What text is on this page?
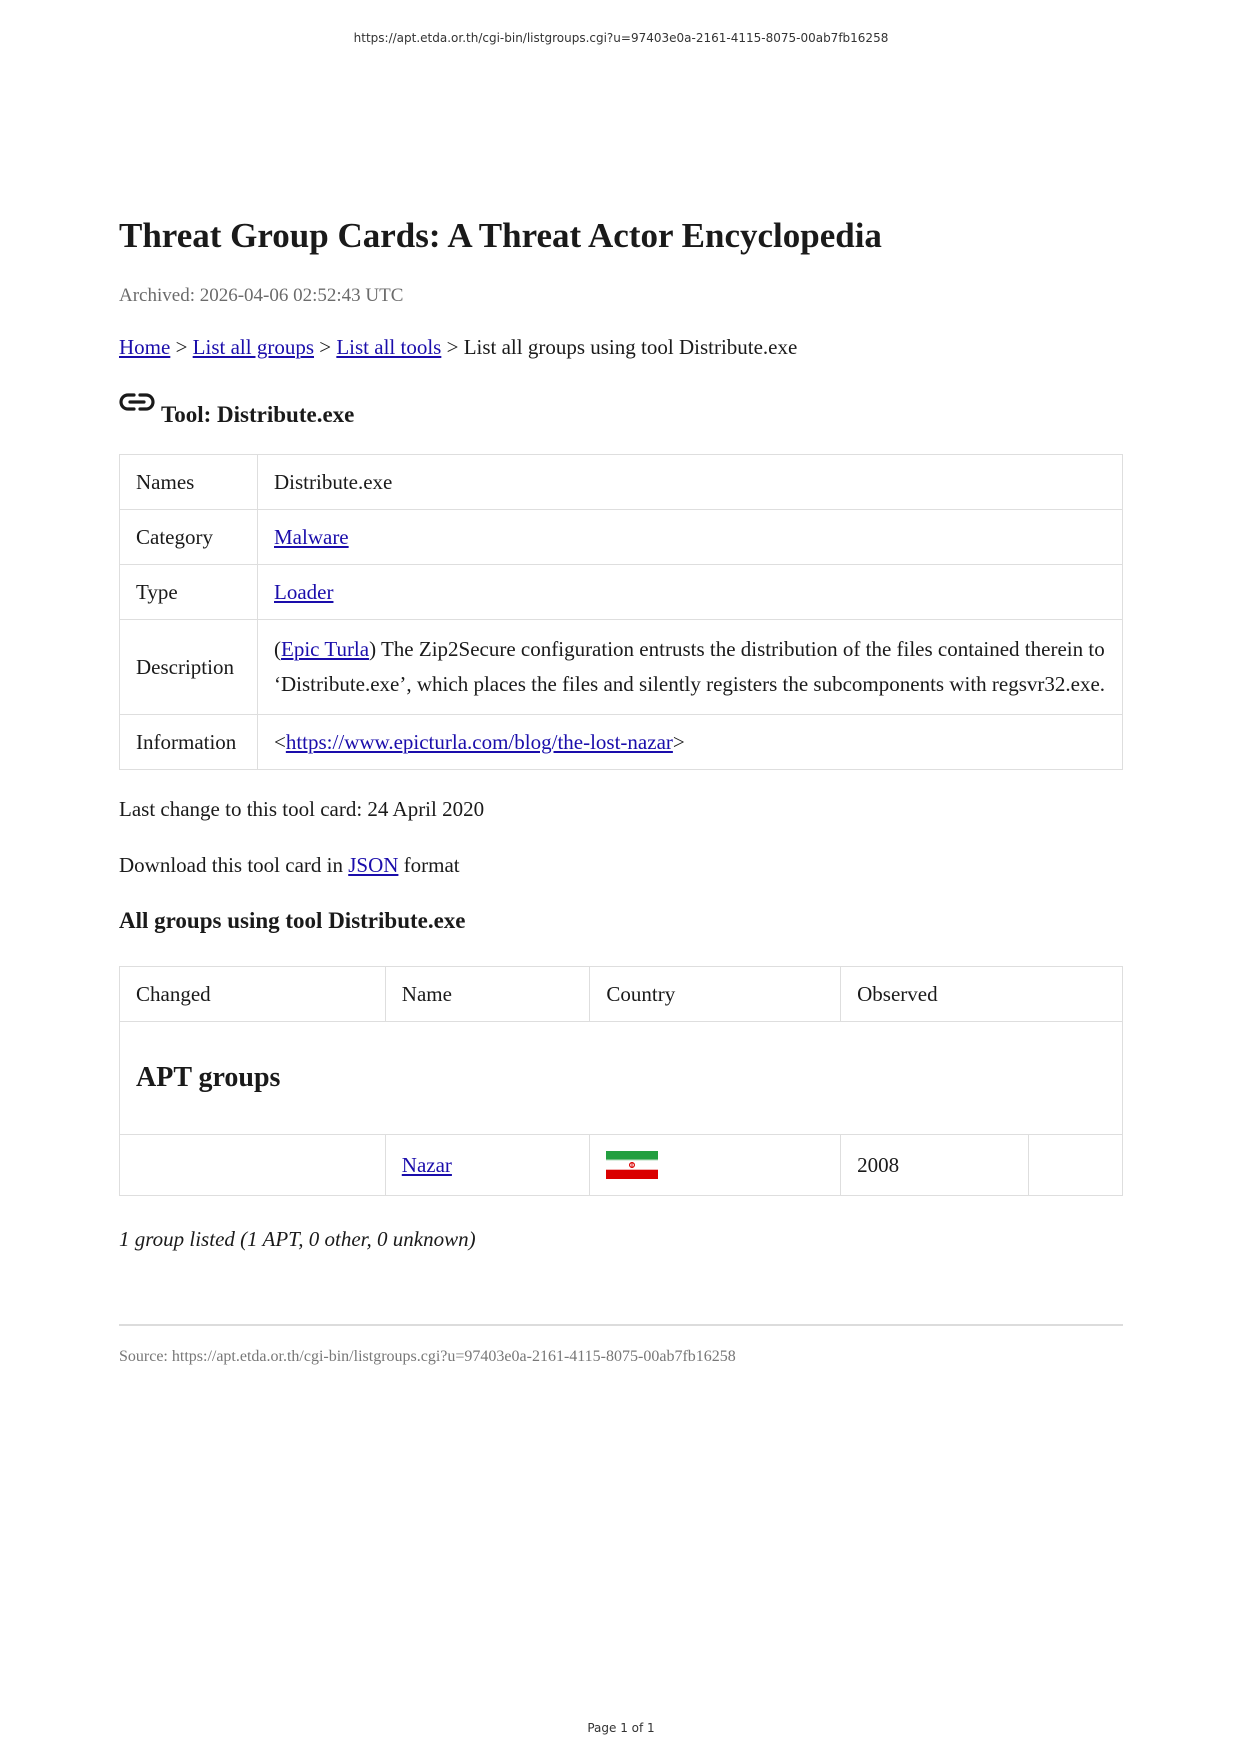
https://apt.etda.or.th/cgi-bin/listgroups.cgi?u=97403e0a-2161-4115-8075-00ab7fb16258
Threat Group Cards: A Threat Actor Encyclopedia
Archived: 2026-04-06 02:52:43 UTC
Home > List all groups > List all tools > List all groups using tool Distribute.exe
Tool: Distribute.exe
Names	Distribute.exe
Category	Malware
Type	Loader
Description	(Epic Turla) The Zip2Secure configuration entrusts the distribution of the files contained therein to ‘Distribute.exe’, which places the files and silently registers the subcomponents with regsvr32.exe.
Information	<https://www.epicturla.com/blog/the-lost-nazar>
Last change to this tool card: 24 April 2020
Download this tool card in JSON format
All groups using tool Distribute.exe
Changed	Name	Country	Observed	
APT groups				
	Nazar		2008	
1 group listed (1 APT, 0 other, 0 unknown)
Source: https://apt.etda.or.th/cgi-bin/listgroups.cgi?u=97403e0a-2161-4115-8075-00ab7fb16258
Page 1 of 1
